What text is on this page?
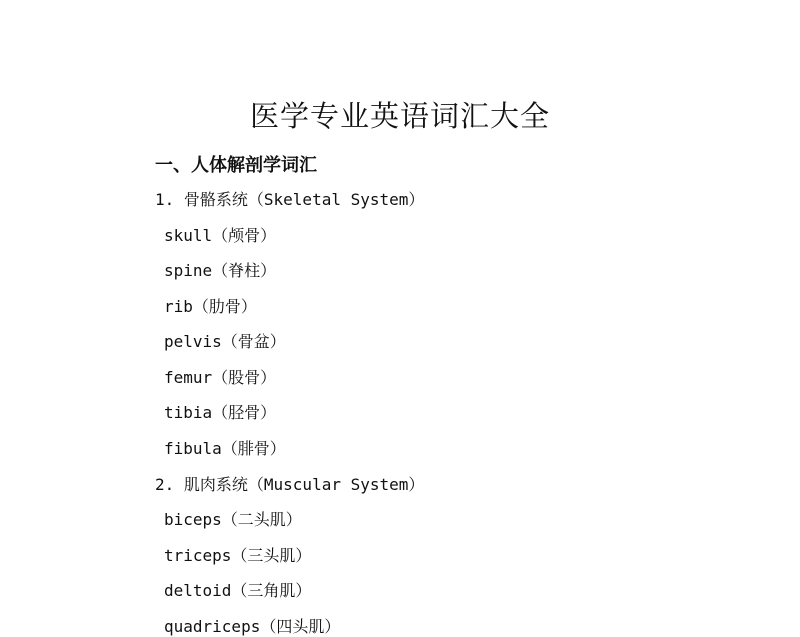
医学专业英语词汇大全
一、人体解剖学词汇
1. 骨骼系统（Skeletal System）
skull（颅骨）
spine（脊柱）
rib（肋骨）
pelvis（骨盆）
femur（股骨）
tibia（胫骨）
fibula（腓骨）
2. 肌肉系统（Muscular System）
biceps（二头肌）
triceps（三头肌）
deltoid（三角肌）
quadriceps（四头肌）
